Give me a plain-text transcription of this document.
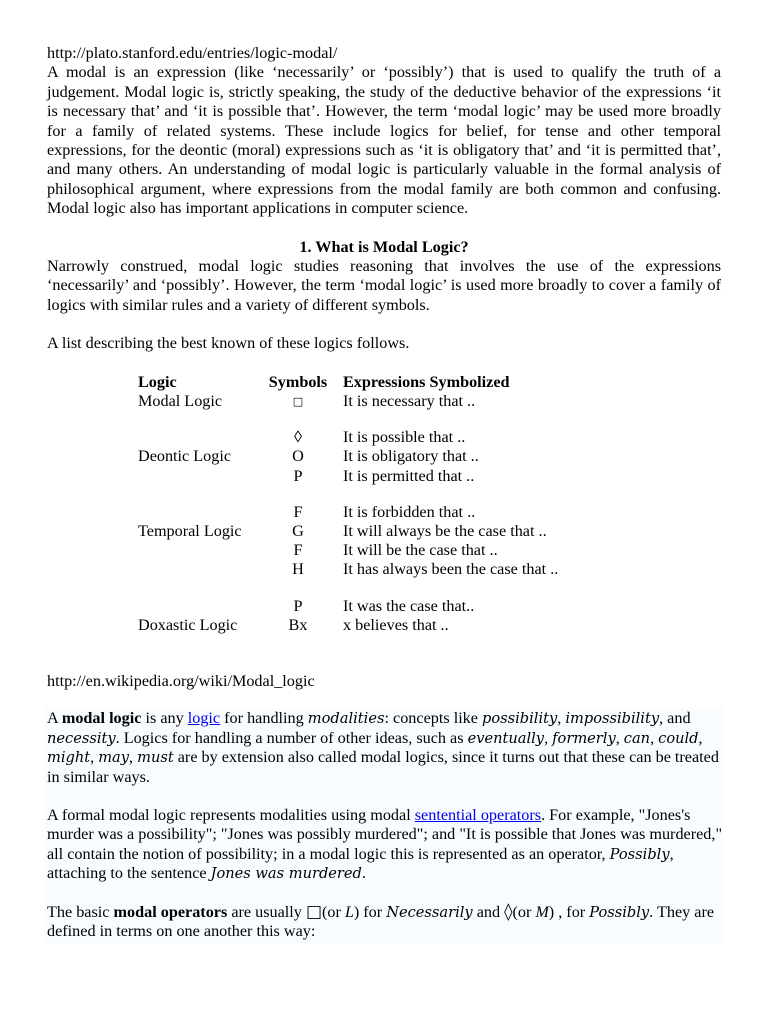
http://plato.stanford.edu/entries/logic-modal/

A modal is an expression (like ‘necessarily’ or ‘possibly’) that is used to qualify the truth of a judgement. Modal logic is, strictly speaking, the study of the deductive behavior of the expressions ‘it is necessary that’ and ‘it is possible that’. However, the term ‘modal logic’ may be used more broadly for a family of related systems. These include logics for belief, for tense and other temporal expressions, for the deontic (moral) expressions such as ‘it is obligatory that’ and ‘it is permitted that’, and many others. An understanding of modal logic is particularly valuable in the formal analysis of philosophical argument, where expressions from the modal family are both common and confusing. Modal logic also has important applications in computer science.

1. What is Modal Logic?

Narrowly construed, modal logic studies reasoning that involves the use of the expressions ‘necessarily’ and ‘possibly’. However, the term ‘modal logic’ is used more broadly to cover a family of logics with similar rules and a variety of different symbols.

A list describing the best known of these logics follows.

Logic	Symbols	Expressions Symbolized
Modal Logic	□	It is necessary that ..

	◊	It is possible that ..
Deontic Logic	O	It is obligatory that ..
	P	It is permitted that ..

	F	It is forbidden that ..
Temporal Logic	G	It will always be the case that ..
	F	It will be the case that ..
	H	It has always been the case that ..

	P	It was the case that..
Doxastic Logic	Bx	x believes that ..

http://en.wikipedia.org/wiki/Modal_logic

A modal logic is any logic for handling modalities: concepts like possibility, impossibility, and necessity. Logics for handling a number of other ideas, such as eventually, formerly, can, could, might, may, must are by extension also called modal logics, since it turns out that these can be treated in similar ways.

A formal modal logic represents modalities using modal sentential operators. For example, "Jones's murder was a possibility"; "Jones was possibly murdered"; and "It is possible that Jones was murdered," all contain the notion of possibility; in a modal logic this is represented as an operator, Possibly, attaching to the sentence Jones was murdered.

The basic modal operators are usually □(or L) for Necessarily and ◊(or M) , for Possibly. They are defined in terms on one another this way:
